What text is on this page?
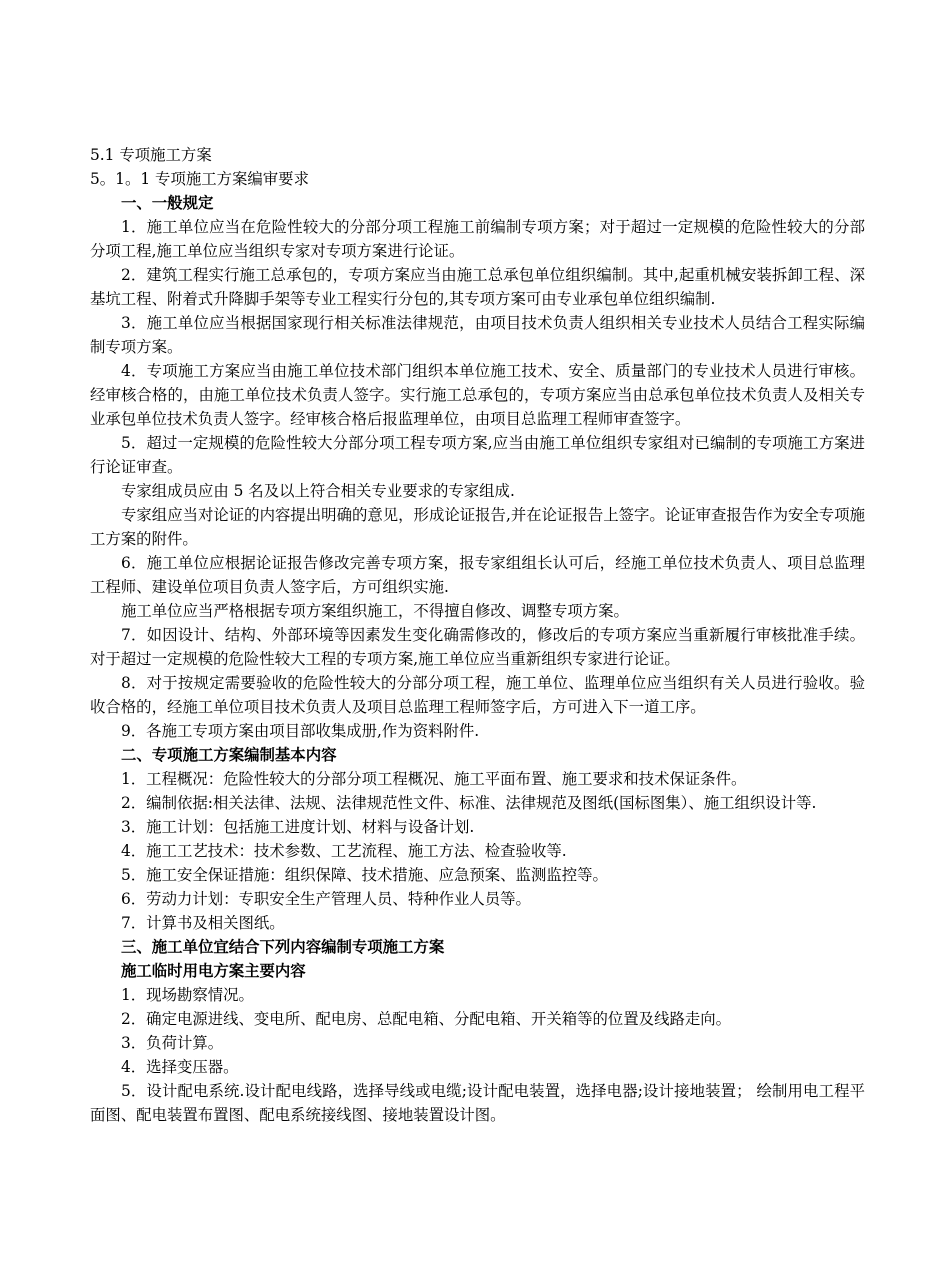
5.1 专项施工方案

5。1。1 专项施工方案编审要求

一、一般规定

1．施工单位应当在危险性较大的分部分项工程施工前编制专项方案；对于超过一定规模的危险性较大的分部分项工程,施工单位应当组织专家对专项方案进行论证。

2．建筑工程实行施工总承包的，专项方案应当由施工总承包单位组织编制。其中,起重机械安装拆卸工程、深基坑工程、附着式升降脚手架等专业工程实行分包的,其专项方案可由专业承包单位组织编制.

3．施工单位应当根据国家现行相关标准法律规范，由项目技术负责人组织相关专业技术人员结合工程实际编制专项方案。

4．专项施工方案应当由施工单位技术部门组织本单位施工技术、安全、质量部门的专业技术人员进行审核。经审核合格的，由施工单位技术负责人签字。实行施工总承包的，专项方案应当由总承包单位技术负责人及相关专业承包单位技术负责人签字。经审核合格后报监理单位，由项目总监理工程师审查签字。

5．超过一定规模的危险性较大分部分项工程专项方案,应当由施工单位组织专家组对已编制的专项施工方案进行论证审查。

专家组成员应由 5 名及以上符合相关专业要求的专家组成.

专家组应当对论证的内容提出明确的意见，形成论证报告,并在论证报告上签字。论证审查报告作为安全专项施工方案的附件。

6．施工单位应根据论证报告修改完善专项方案，报专家组组长认可后，经施工单位技术负责人、项目总监理工程师、建设单位项目负责人签字后，方可组织实施.

施工单位应当严格根据专项方案组织施工，不得擅自修改、调整专项方案。

7．如因设计、结构、外部环境等因素发生变化确需修改的，修改后的专项方案应当重新履行审核批准手续。对于超过一定规模的危险性较大工程的专项方案,施工单位应当重新组织专家进行论证。

8．对于按规定需要验收的危险性较大的分部分项工程，施工单位、监理单位应当组织有关人员进行验收。验收合格的，经施工单位项目技术负责人及项目总监理工程师签字后，方可进入下一道工序。

9．各施工专项方案由项目部收集成册,作为资料附件.

二、专项施工方案编制基本内容

1．工程概况：危险性较大的分部分项工程概况、施工平面布置、施工要求和技术保证条件。

2．编制依据:相关法律、法规、法律规范性文件、标准、法律规范及图纸(国标图集）、施工组织设计等.

3．施工计划：包括施工进度计划、材料与设备计划.

4．施工工艺技术：技术参数、工艺流程、施工方法、检查验收等.

5．施工安全保证措施：组织保障、技术措施、应急预案、监测监控等。

6．劳动力计划：专职安全生产管理人员、特种作业人员等。

7．计算书及相关图纸。

三、施工单位宜结合下列内容编制专项施工方案

施工临时用电方案主要内容

1．现场勘察情况。

2．确定电源进线、变电所、配电房、总配电箱、分配电箱、开关箱等的位置及线路走向。

3．负荷计算。

4．选择变压器。

5．设计配电系统.设计配电线路，选择导线或电缆;设计配电装置，选择电器;设计接地装置； 绘制用电工程平面图、配电装置布置图、配电系统接线图、接地装置设计图。
